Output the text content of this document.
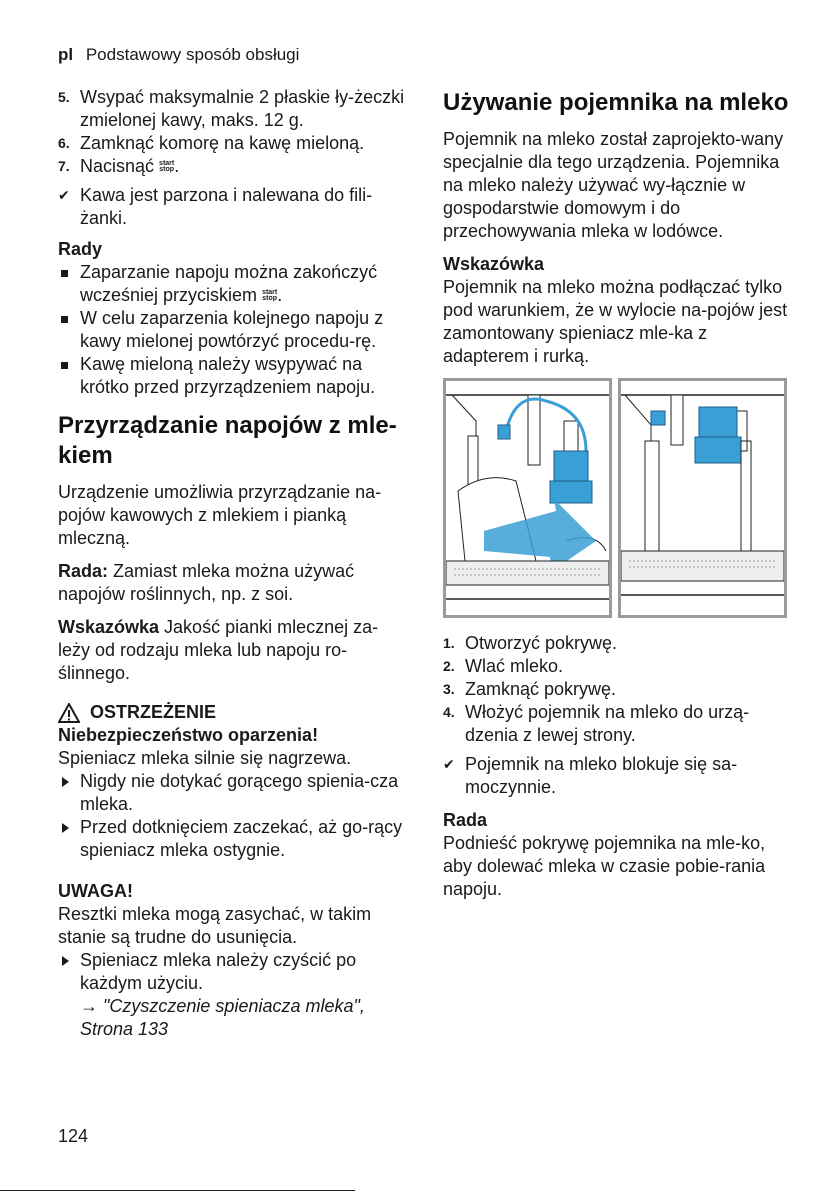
pl Podstawowy sposób obsługi
5. Wsypać maksymalnie 2 płaskie ły-żeczki zmielonej kawy, maks. 12 g.
6. Zamknąć komorę na kawę mieloną.
7. Nacisnąć start
stop.
✔ Kawa jest parzona i nalewana do fili-żanki.
Rady
Zaparzanie napoju można zakończyć wcześniej przyciskiem start
stop.
W celu zaparzenia kolejnego napoju z kawy mielonej powtórzyć procedu-rę.
Kawę mieloną należy wsypywać na krótko przed przyrządzeniem napoju.
Przyrządzanie napojów z mle-kiem

Urządzenie umożliwia przyrządzanie na-pojów kawowych z mlekiem i pianką mleczną.

Rada: Zamiast mleka można używać napojów roślinnych, np. z soi.

Wskazówka Jakość pianki mlecznej za-leży od rodzaju mleka lub napoju ro-ślinnego.

OSTRZEŻENIE
Niebezpieczeństwo oparzenia!
Spieniacz mleka silnie się nagrzewa.
Nigdy nie dotykać gorącego spienia-cza mleka.
Przed dotknięciem zaczekać, aż go-rący spieniacz mleka ostygnie.
UWAGA!
Resztki mleka mogą zasychać, w takim stanie są trudne do usunięcia.
Spieniacz mleka należy czyścić po każdym użyciu.
→ "Czyszczenie spieniacza mleka", Strona 133
Używanie pojemnika na mleko

Pojemnik na mleko został zaprojekto-wany specjalnie dla tego urządzenia. Pojemnika na mleko należy używać wy-łącznie w gospodarstwie domowym i do przechowywania mleka w lodówce.

Wskazówka

Pojemnik na mleko można podłączać tylko pod warunkiem, że w wylocie na-pojów jest zamontowany spieniacz mle-ka z adapterem i rurką.

1. Otworzyć pokrywę.
2. Wlać mleko.
3. Zamknąć pokrywę.
4. Włożyć pojemnik na mleko do urzą-dzenia z lewej strony.
✔ Pojemnik na mleko blokuje się sa-moczynnie.
Rada

Podnieść pokrywę pojemnika na mle-ko, aby dolewać mleka w czasie pobie-rania napoju.

124
